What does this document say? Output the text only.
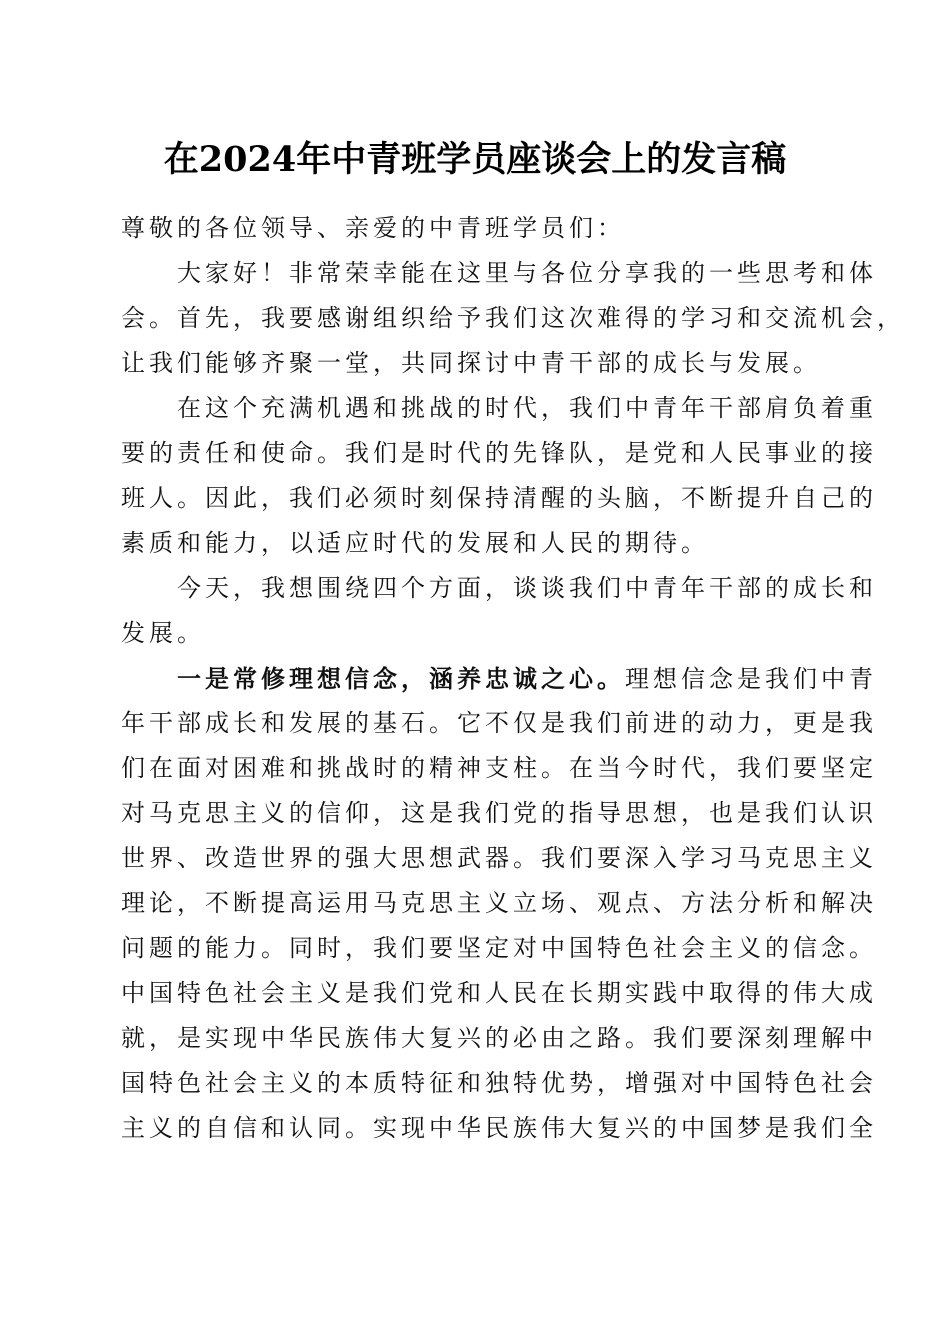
在2024年中青班学员座谈会上的发言稿

尊敬的各位领导、亲爱的中青班学员们：

大家好！非常荣幸能在这里与各位分享我的一些思考和体

会。首先，我要感谢组织给予我们这次难得的学习和交流机会，

让我们能够齐聚一堂，共同探讨中青干部的成长与发展。

在这个充满机遇和挑战的时代，我们中青年干部肩负着重

要的责任和使命。我们是时代的先锋队，是党和人民事业的接

班人。因此，我们必须时刻保持清醒的头脑，不断提升自己的

素质和能力，以适应时代的发展和人民的期待。

今天，我想围绕四个方面，谈谈我们中青年干部的成长和

发展。

一是常修理想信念，涵养忠诚之心。理想信念是我们中青

年干部成长和发展的基石。它不仅是我们前进的动力，更是我

们在面对困难和挑战时的精神支柱。在当今时代，我们要坚定

对马克思主义的信仰，这是我们党的指导思想，也是我们认识

世界、改造世界的强大思想武器。我们要深入学习马克思主义

理论，不断提高运用马克思主义立场、观点、方法分析和解决

问题的能力。同时，我们要坚定对中国特色社会主义的信念。

中国特色社会主义是我们党和人民在长期实践中取得的伟大成

就，是实现中华民族伟大复兴的必由之路。我们要深刻理解中

国特色社会主义的本质特征和独特优势，增强对中国特色社会

主义的自信和认同。实现中华民族伟大复兴的中国梦是我们全
